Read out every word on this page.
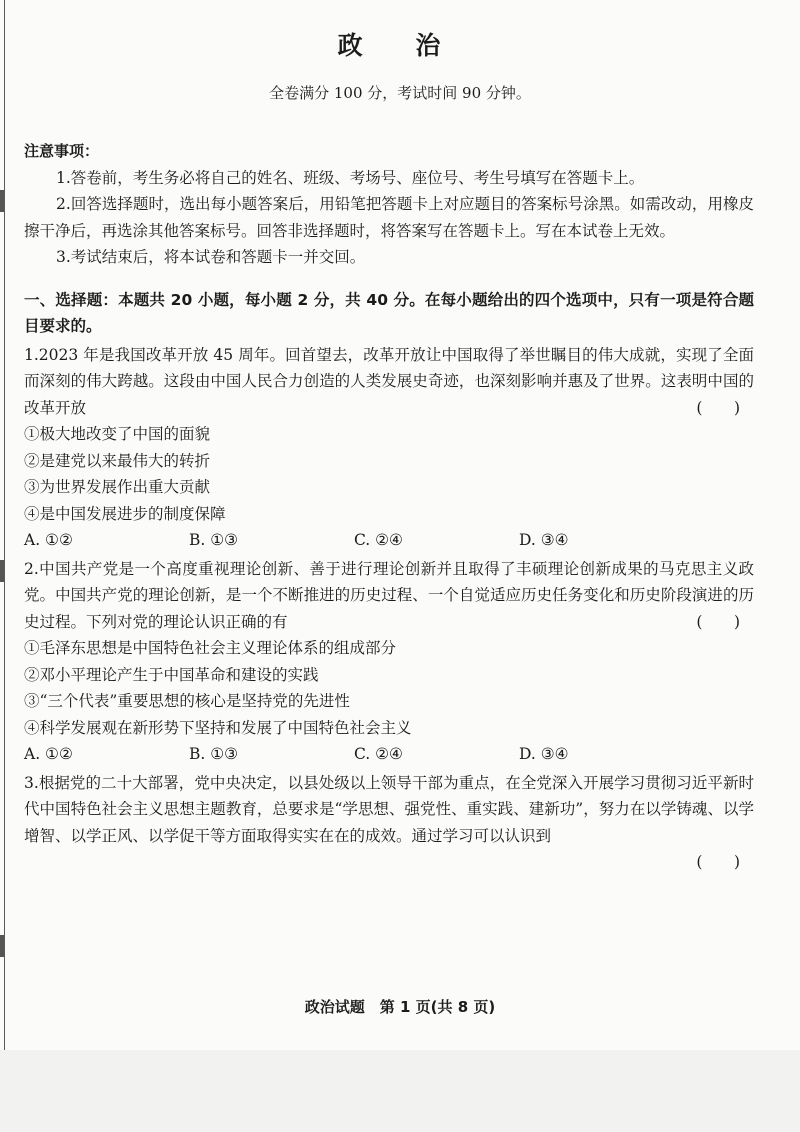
政 治
全卷满分 100 分，考试时间 90 分钟。
注意事项：
1.答卷前，考生务必将自己的姓名、班级、考场号、座位号、考生号填写在答题卡上。
2.回答选择题时，选出每小题答案后，用铅笔把答题卡上对应题目的答案标号涂黑。如需改动，用橡皮擦干净后，再选涂其他答案标号。回答非选择题时，将答案写在答题卡上。写在本试卷上无效。
3.考试结束后，将本试卷和答题卡一并交回。
一、选择题：本题共 20 小题，每小题 2 分，共 40 分。在每小题给出的四个选项中，只有一项是符合题目要求的。
1.2023 年是我国改革开放 45 周年。回首望去，改革开放让中国取得了举世瞩目的伟大成就，实现了全面而深刻的伟大跨越。这段由中国人民合力创造的人类发展史奇迹，也深刻影响并惠及了世界。这表明中国的改革开放	(　)
①极大地改变了中国的面貌
②是建党以来最伟大的转折
③为世界发展作出重大贡献
④是中国发展进步的制度保障
A. ①②	B. ①③	C. ②④	D. ③④
2.中国共产党是一个高度重视理论创新、善于进行理论创新并且取得了丰硕理论创新成果的马克思主义政党。中国共产党的理论创新，是一个不断推进的历史过程、一个自觉适应历史任务变化和历史阶段演进的历史过程。下列对党的理论认识正确的有	(　)
①毛泽东思想是中国特色社会主义理论体系的组成部分
②邓小平理论产生于中国革命和建设的实践
③“三个代表”重要思想的核心是坚持党的先进性
④科学发展观在新形势下坚持和发展了中国特色社会主义
A. ①②	B. ①③	C. ②④	D. ③④
3.根据党的二十大部署，党中央决定，以县处级以上领导干部为重点，在全党深入开展学习贯彻习近平新时代中国特色社会主义思想主题教育，总要求是“学思想、强党性、重实践、建新功”，努力在以学铸魂、以学增智、以学正风、以学促干等方面取得实实在在的成效。通过学习可以认识到
(　)
政治试题　第 1 页(共 8 页)
